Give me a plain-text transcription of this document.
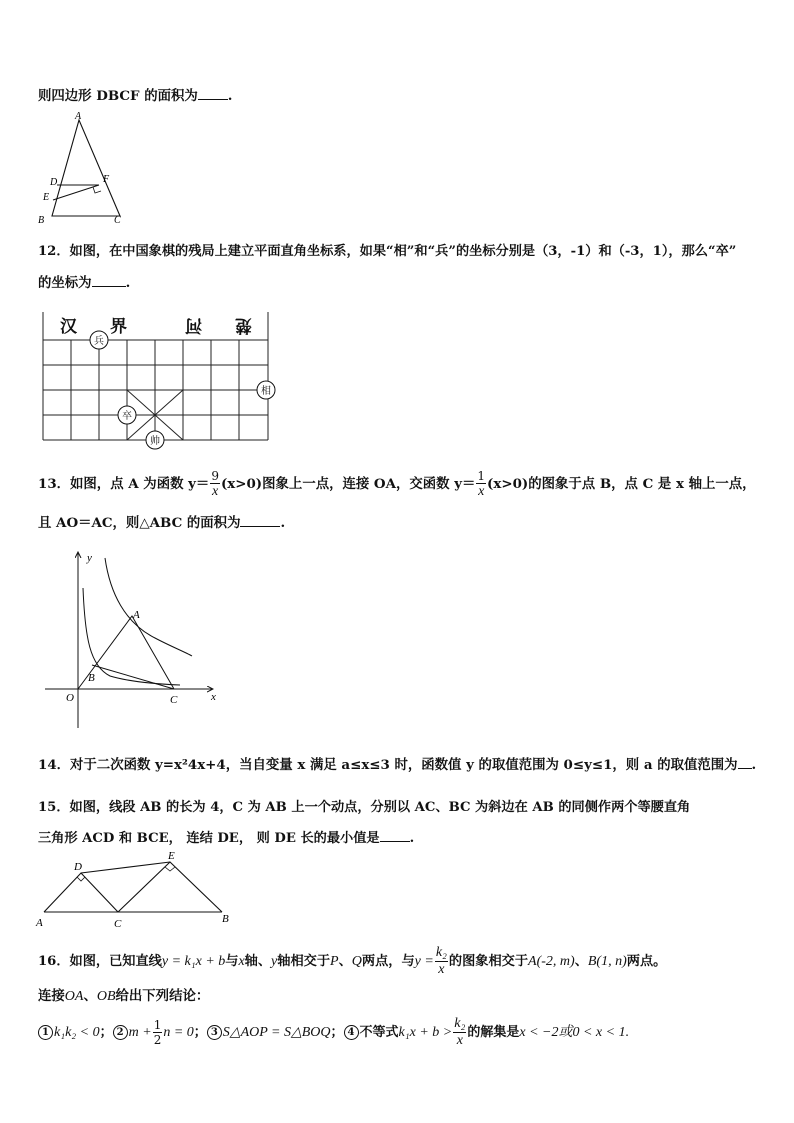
则四边形 DBCF 的面积为 .
A
D	F
E
B	C
12．如图，在中国象棋的残局上建立平面直角坐标系，如果“相”和“兵”的坐标分别是（3，-1）和（-3，1），那么“卒”
的坐标为	.
汉 界	河 楚
兵
卒
帅
相
13．如图，点 A 为函数 $y= \frac{9}{x} (x>0)$图象上一点，连接 OA，交函数 $y= \frac{1}{x} (x>0)$的图象于点 B，点 C 是 x 轴上一点，
且 AO＝AC，则△ABC 的面积为	.
y
x
A
B
O	C
14．对于二次函数 y=x²4x+4，当自变量 x 满足 a≤x≤3 时，函数值 y 的取值范围为 0≤y≤1，则 a 的取值范围为 .
15．如图，线段 AB 的长为 4，C 为 AB 上一个动点，分别以 AC、BC 为斜边在 AB 的同侧作两个等腰直角
三角形 ACD 和 BCE， 连结 DE， 则 DE 长的最小值是 .
D
E
A	C	B
16．如图，已知直线y = k₁x + b与x轴、y轴相交于P、Q两点，与$y = \frac{\text{k₂}}{x}$ 的图象相交于A(-2, m)、B(1, n)两点。
连接OA、OB给出下列结论：
1 k₁k₂ < 0； 2 $m + \frac{1}{2}$ n = 0； 3 S△AOP = S△BOQ； 4 不等式$k_1x + b > \frac{\text{k₂}}{x}$ 的解集是x < −2或0 < x < 1.
